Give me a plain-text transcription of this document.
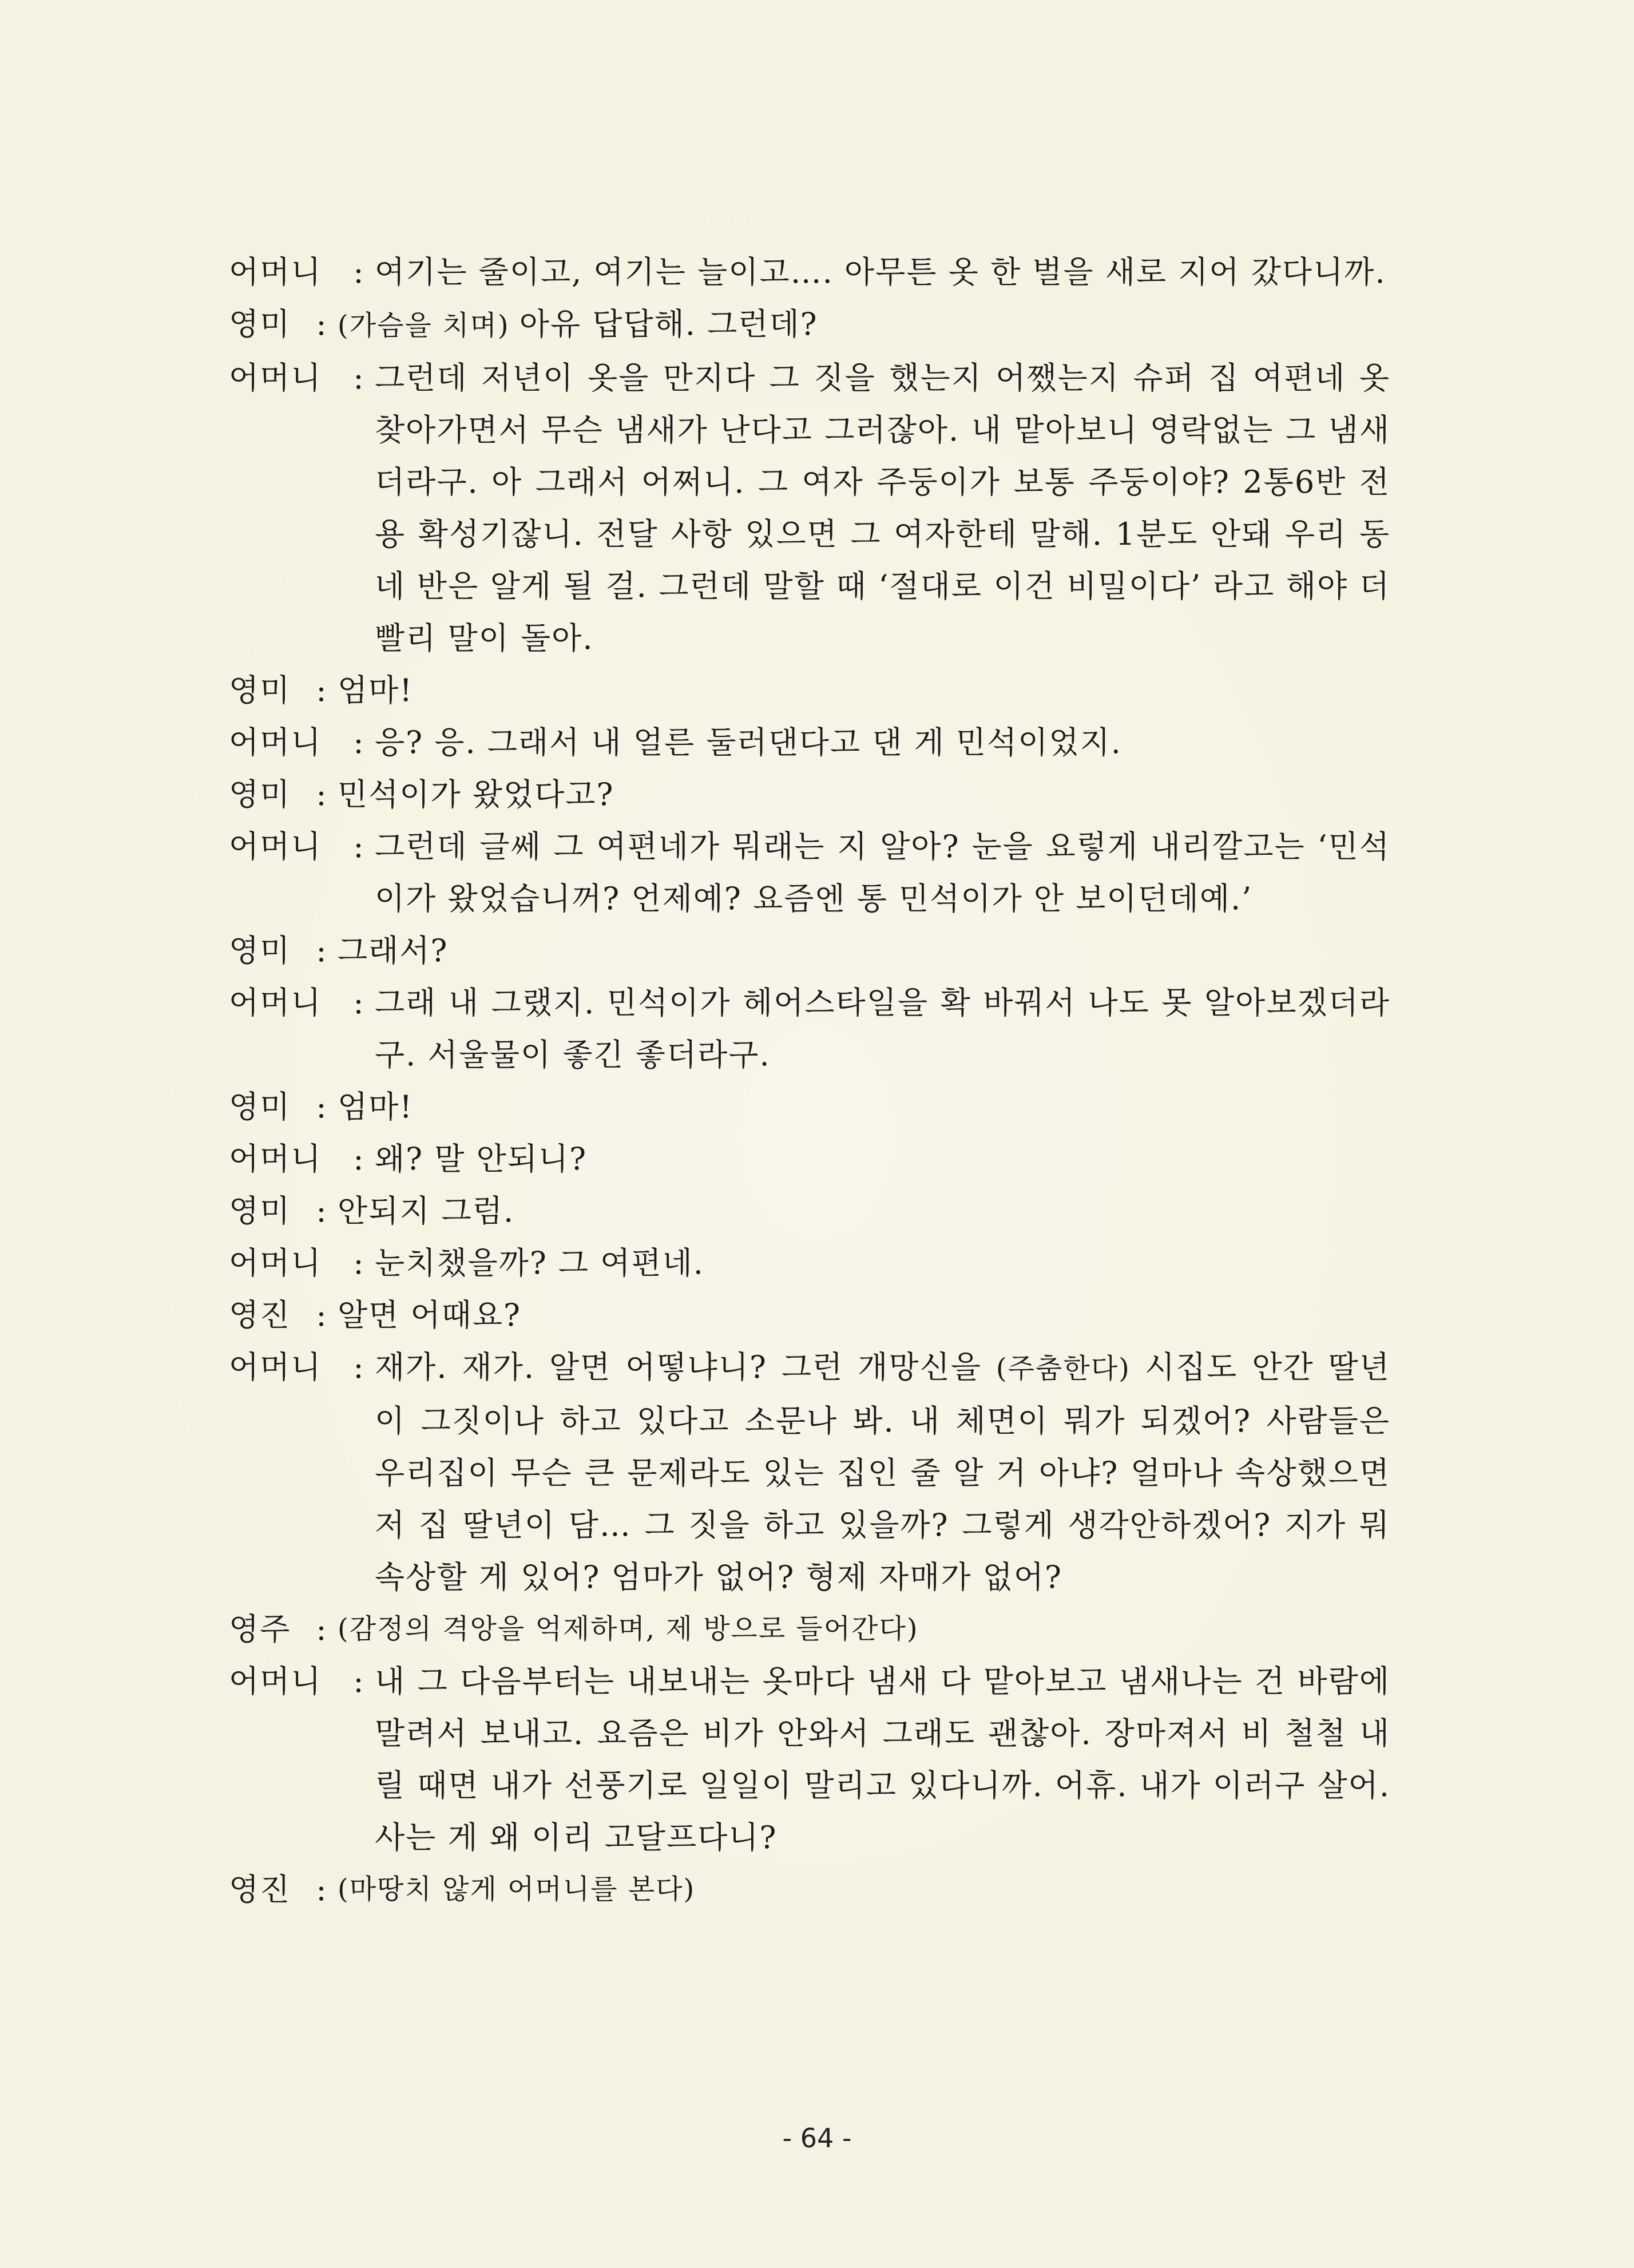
어머니	: 여기는 줄이고, 여기는 늘이고…. 아무튼 옷 한 벌을 새로 지어 갔다니까.
영미 : (가슴을 치며) 아유 답답해. 그런데?
어머니	: 그런데 저년이 옷을 만지다 그 짓을 했는지 어쨌는지 슈퍼 집 여편네 옷 찾아가면서 무슨 냄새가 난다고 그러잖아. 내 맡아보니 영락없는 그 냄새더라구. 아 그래서 어쩌니. 그 여자 주둥이가 보통 주둥이야? 2통6반 전용 확성기잖니. 전달 사항 있으면 그 여자한테 말해. 1분도 안돼 우리 동네 반은 알게 될 걸. 그런데 말할 때 ‘절대로 이건 비밀이다’ 라고 해야 더 빨리 말이 돌아.
영미 : 엄마!
어머니	: 응? 응. 그래서 내 얼른 둘러댄다고 댄 게 민석이었지.
영미 : 민석이가 왔었다고?
어머니	: 그런데 글쎄 그 여편네가 뭐래는 지 알아? 눈을 요렇게 내리깔고는 ‘민석이가 왔었습니꺼? 언제예? 요즘엔 통 민석이가 안 보이던데예.’
영미 : 그래서?
어머니	: 그래 내 그랬지. 민석이가 헤어스타일을 확 바꿔서 나도 못 알아보겠더라구. 서울물이 좋긴 좋더라구.
영미 : 엄마!
어머니	: 왜? 말 안되니?
영미 : 안되지 그럼.
어머니	: 눈치챘을까? 그 여편네.
영진 : 알면 어때요?
어머니	: 재가. 재가. 알면 어떻냐니? 그런 개망신을 (주춤한다) 시집도 안간 딸년이 그짓이나 하고 있다고 소문나 봐. 내 체면이 뭐가 되겠어? 사람들은 우리집이 무슨 큰 문제라도 있는 집인 줄 알 거 아냐? 얼마나 속상했으면 저 집 딸년이 담… 그 짓을 하고 있을까? 그렇게 생각안하겠어? 지가 뭐 속상할 게 있어? 엄마가 없어? 형제 자매가 없어?
영주 : (감정의 격앙을 억제하며, 제 방으로 들어간다)
어머니	: 내 그 다음부터는 내보내는 옷마다 냄새 다 맡아보고 냄새나는 건 바람에 말려서 보내고. 요즘은 비가 안와서 그래도 괜찮아. 장마져서 비 철철 내릴 때면 내가 선풍기로 일일이 말리고 있다니까. 어휴. 내가 이러구 살어. 사는 게 왜 이리 고달프다니?
영진 : (마땅치 않게 어머니를 본다)
- 64 -
